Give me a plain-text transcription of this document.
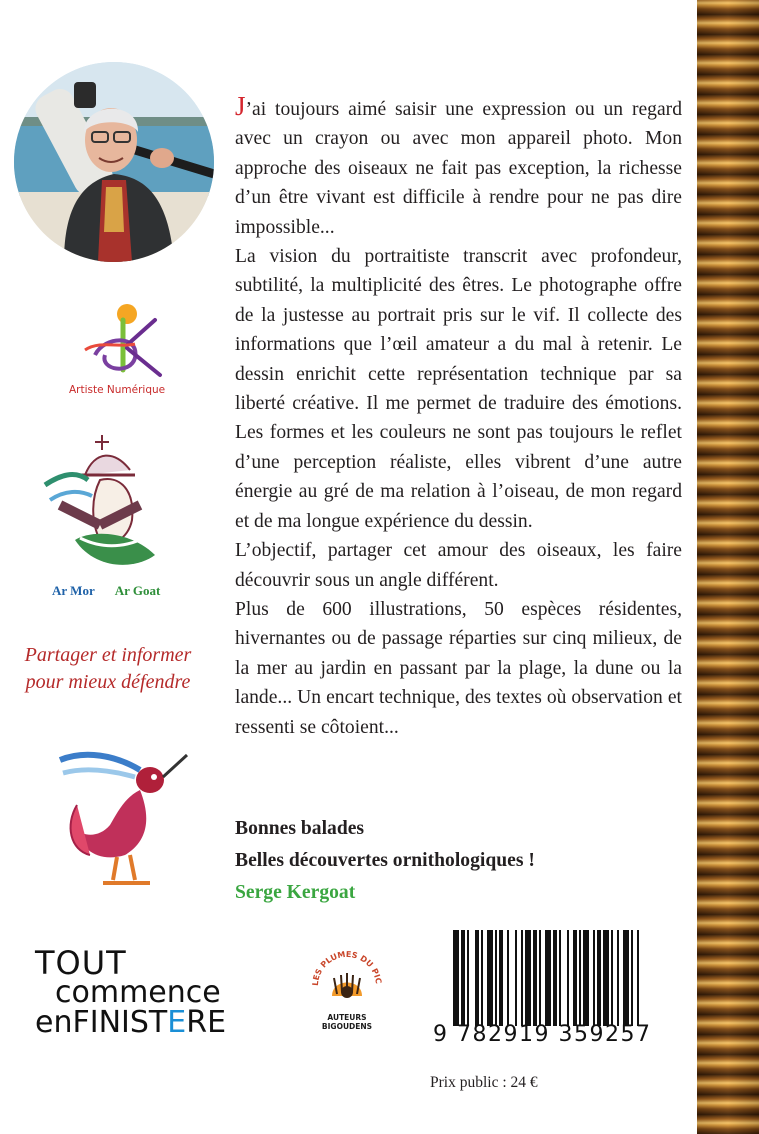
Artiste Numérique
Ar Mor Ar Goat
Partager et informer
pour mieux défendre

J’ai toujours aimé saisir une expression ou un regard avec un crayon ou avec mon appareil photo. Mon approche des oiseaux ne fait pas exception, la richesse d’un être vivant est difficile à rendre pour ne pas dire impossible...

La vision du portraitiste transcrit avec profondeur, subtilité, la multiplicité des êtres. Le photographe offre de la justesse au portrait pris sur le vif. Il collecte des informations que l’œil amateur a du mal à retenir. Le dessin enrichit cette représentation technique par sa liberté créative. Il me permet de traduire des émotions. Les formes et les couleurs ne sont pas toujours le reflet d’une perception réaliste, elles vibrent d’une autre énergie au gré de ma relation à l’oiseau, de mon regard et de ma longue expérience du dessin.

L’objectif, partager cet amour des oiseaux, les faire découvrir sous un angle différent.

Plus de 600 illustrations, 50 espèces résidentes, hivernantes ou de passage réparties sur cinq milieux, de la mer au jardin en passant par la plage, la dune ou la lande... Un encart technique, des textes où observation et ressenti se côtoient...

Bonnes balades
Belles découvertes ornithologiques !
Serge Kergoat
TOUT
commence
enFINISTERE
ES PLUMES DU PIC
AUTEURS
BIGOUDENS	9 782919 359257
Prix public : 24 €
